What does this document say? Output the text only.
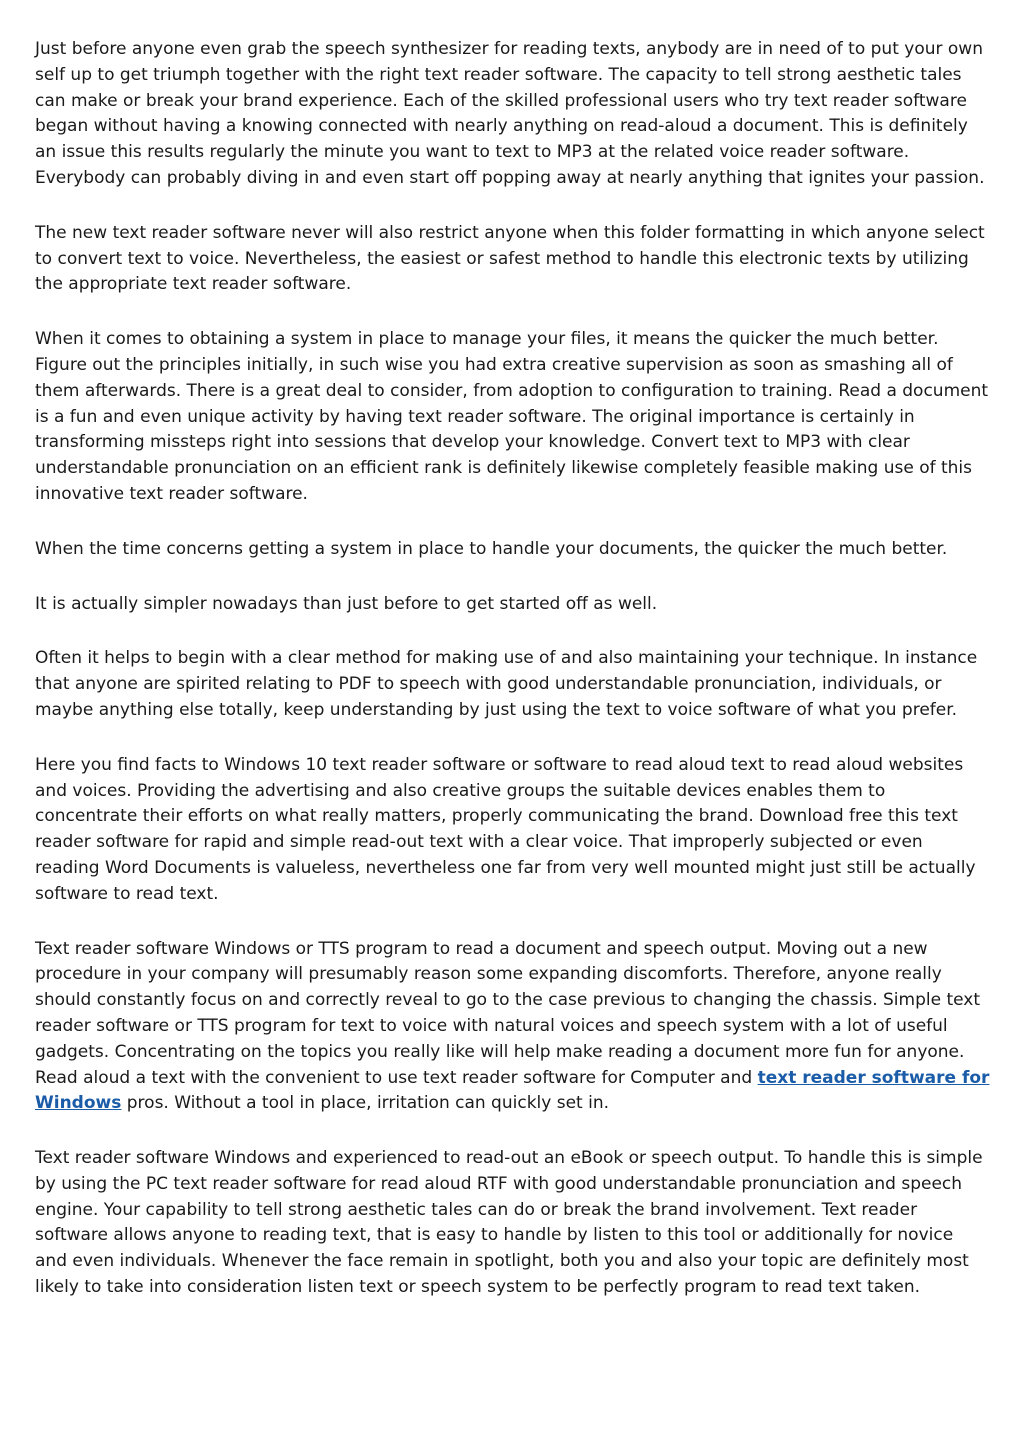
Just before anyone even grab the speech synthesizer for reading texts, anybody are in need of to put your own self up to get triumph together with the right text reader software. The capacity to tell strong aesthetic tales can make or break your brand experience. Each of the skilled professional users who try text reader software began without having a knowing connected with nearly anything on read-aloud a document. This is definitely an issue this results regularly the minute you want to text to MP3 at the related voice reader software. Everybody can probably diving in and even start off popping away at nearly anything that ignites your passion.

The new text reader software never will also restrict anyone when this folder formatting in which anyone select to convert text to voice. Nevertheless, the easiest or safest method to handle this electronic texts by utilizing the appropriate text reader software.

When it comes to obtaining a system in place to manage your files, it means the quicker the much better. Figure out the principles initially, in such wise you had extra creative supervision as soon as smashing all of them afterwards. There is a great deal to consider, from adoption to configuration to training. Read a document is a fun and even unique activity by having text reader software. The original importance is certainly in transforming missteps right into sessions that develop your knowledge. Convert text to MP3 with clear understandable pronunciation on an efficient rank is definitely likewise completely feasible making use of this innovative text reader software.

When the time concerns getting a system in place to handle your documents, the quicker the much better.

It is actually simpler nowadays than just before to get started off as well.

Often it helps to begin with a clear method for making use of and also maintaining your technique. In instance that anyone are spirited relating to PDF to speech with good understandable pronunciation, individuals, or maybe anything else totally, keep understanding by just using the text to voice software of what you prefer.

Here you find facts to Windows 10 text reader software or software to read aloud text to read aloud websites and voices. Providing the advertising and also creative groups the suitable devices enables them to concentrate their efforts on what really matters, properly communicating the brand. Download free this text reader software for rapid and simple read-out text with a clear voice. That improperly subjected or even reading Word Documents is valueless, nevertheless one far from very well mounted might just still be actually software to read text.

Text reader software Windows or TTS program to read a document and speech output. Moving out a new procedure in your company will presumably reason some expanding discomforts. Therefore, anyone really should constantly focus on and correctly reveal to go to the case previous to changing the chassis. Simple text reader software or TTS program for text to voice with natural voices and speech system with a lot of useful gadgets. Concentrating on the topics you really like will help make reading a document more fun for anyone. Read aloud a text with the convenient to use text reader software for Computer and text reader software for Windows pros. Without a tool in place, irritation can quickly set in.

Text reader software Windows and experienced to read-out an eBook or speech output. To handle this is simple by using the PC text reader software for read aloud RTF with good understandable pronunciation and speech engine. Your capability to tell strong aesthetic tales can do or break the brand involvement. Text reader software allows anyone to reading text, that is easy to handle by listen to this tool or additionally for novice and even individuals. Whenever the face remain in spotlight, both you and also your topic are definitely most likely to take into consideration listen text or speech system to be perfectly program to read text taken.
